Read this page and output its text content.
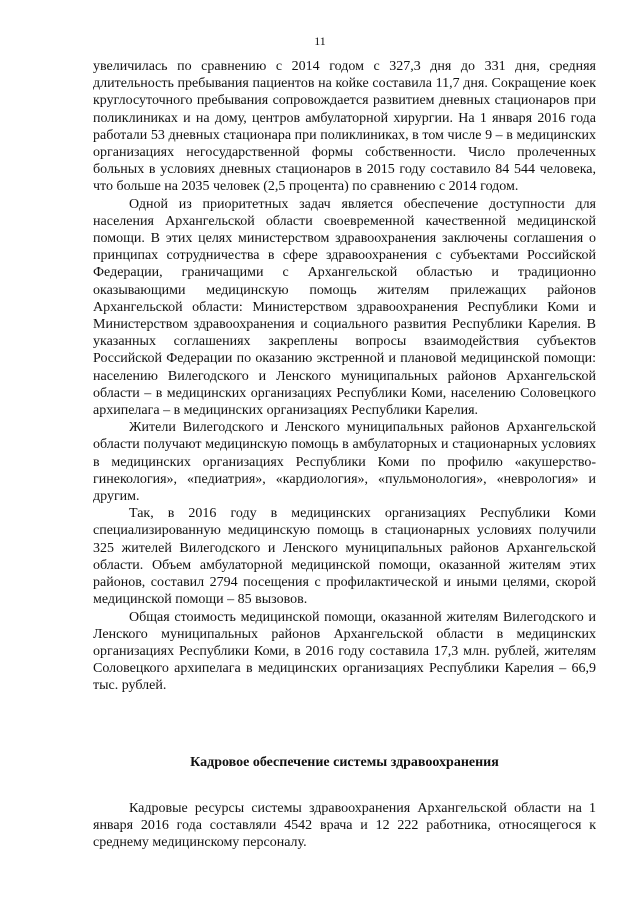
11

увеличилась по сравнению с 2014 годом с 327,3 дня до 331 дня, средняя длительность пребывания пациентов на койке составила 11,7 дня. Сокращение коек круглосуточного пребывания сопровождается развитием дневных стационаров при поликлиниках и на дому, центров амбулаторной хирургии. На 1 января 2016 года работали 53 дневных стационара при поликлиниках, в том числе 9 – в медицинских организациях негосударственной формы собственности. Число пролеченных больных в условиях дневных стационаров в 2015 году составило 84 544 человека, что больше на 2035 человек (2,5 процента) по сравнению с 2014 годом.

Одной из приоритетных задач является обеспечение доступности для населения Архангельской области своевременной качественной медицинской помощи. В этих целях министерством здравоохранения заключены соглашения о принципах сотрудничества в сфере здравоохранения с субъектами Российской Федерации, граничащими с Архангельской областью и традиционно оказывающими медицинскую помощь жителям прилежащих районов Архангельской области: Министерством здравоохранения Республики Коми и Министерством здравоохранения и социального развития Республики Карелия. В указанных соглашениях закреплены вопросы взаимодействия субъектов Российской Федерации по оказанию экстренной и плановой медицинской помощи: населению Вилегодского и Ленского муниципальных районов Архангельской области – в медицинских организациях Республики Коми, населению Соловецкого архипелага – в медицинских организациях Республики Карелия.

Жители Вилегодского и Ленского муниципальных районов Архангельской области получают медицинскую помощь в амбулаторных и стационарных условиях в медицинских организациях Республики Коми по профилю «акушерство-гинекология», «педиатрия», «кардиология», «пульмонология», «неврология» и другим.

Так, в 2016 году в медицинских организациях Республики Коми специализированную медицинскую помощь в стационарных условиях получили 325 жителей Вилегодского и Ленского муниципальных районов Архангельской области. Объем амбулаторной медицинской помощи, оказанной жителям этих районов, составил 2794 посещения с профилактической и иными целями, скорой медицинской помощи – 85 вызовов.

Общая стоимость медицинской помощи, оказанной жителям Вилегодского и Ленского муниципальных районов Архангельской области в медицинских организациях Республики Коми, в 2016 году составила 17,3 млн. рублей, жителям Соловецкого архипелага в медицинских организациях Республики Карелия – 66,9 тыс. рублей.

Кадровое обеспечение системы здравоохранения

Кадровые ресурсы системы здравоохранения Архангельской области на 1 января 2016 года составляли 4542 врача и 12 222 работника, относящегося к среднему медицинскому персоналу.
